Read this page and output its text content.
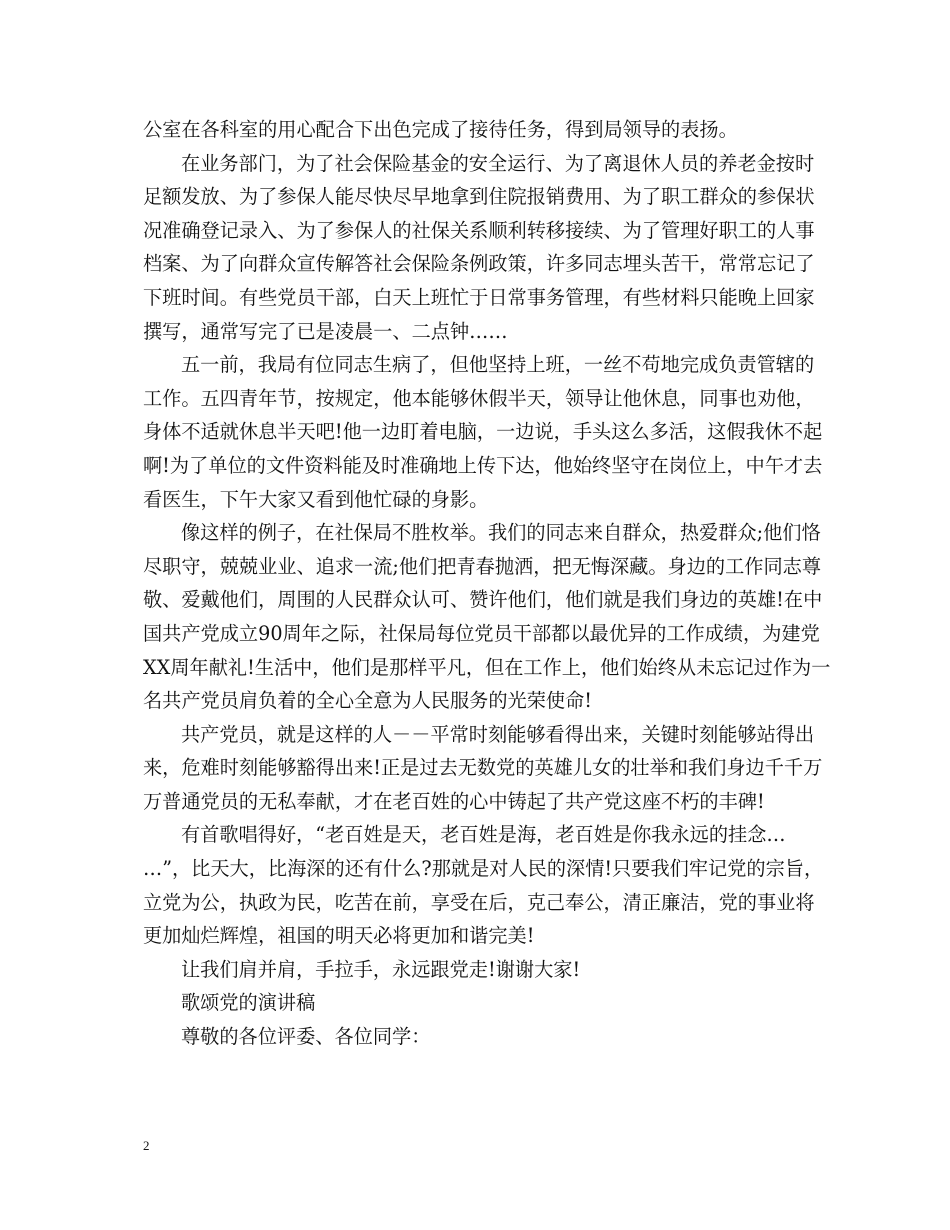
公室在各科室的用心配合下出色完成了接待任务，得到局领导的表扬。
在业务部门，为了社会保险基金的安全运行、为了离退休人员的养老金按时
足额发放、为了参保人能尽快尽早地拿到住院报销费用、为了职工群众的参保状
况准确登记录入、为了参保人的社保关系顺利转移接续、为了管理好职工的人事
档案、为了向群众宣传解答社会保险条例政策，许多同志埋头苦干，常常忘记了
下班时间。有些党员干部，白天上班忙于日常事务管理，有些材料只能晚上回家
撰写，通常写完了已是凌晨一、二点钟……
五一前，我局有位同志生病了，但他坚持上班，一丝不苟地完成负责管辖的
工作。五四青年节，按规定，他本能够休假半天，领导让他休息，同事也劝他，
身体不适就休息半天吧!他一边盯着电脑，一边说，手头这么多活，这假我休不起
啊!为了单位的文件资料能及时准确地上传下达，他始终坚守在岗位上，中午才去
看医生，下午大家又看到他忙碌的身影。
像这样的例子，在社保局不胜枚举。我们的同志来自群众，热爱群众;他们恪
尽职守，兢兢业业、追求一流;他们把青春抛洒，把无悔深藏。身边的工作同志尊
敬、爱戴他们，周围的人民群众认可、赞许他们，他们就是我们身边的英雄!在中
国共产党成立90周年之际，社保局每位党员干部都以最优异的工作成绩，为建党
XX周年献礼!生活中，他们是那样平凡，但在工作上，他们始终从未忘记过作为一
名共产党员肩负着的全心全意为人民服务的光荣使命!
共产党员，就是这样的人－－平常时刻能够看得出来，关键时刻能够站得出
来，危难时刻能够豁得出来!正是过去无数党的英雄儿女的壮举和我们身边千千万
万普通党员的无私奉献，才在老百姓的心中铸起了共产党这座不朽的丰碑!
有首歌唱得好，“老百姓是天，老百姓是海，老百姓是你我永远的挂念…
…”，比天大，比海深的还有什么?那就是对人民的深情!只要我们牢记党的宗旨，
立党为公，执政为民，吃苦在前，享受在后，克己奉公，清正廉洁，党的事业将
更加灿烂辉煌，祖国的明天必将更加和谐完美!
让我们肩并肩，手拉手，永远跟党走!谢谢大家!
歌颂党的演讲稿
尊敬的各位评委、各位同学：
2
